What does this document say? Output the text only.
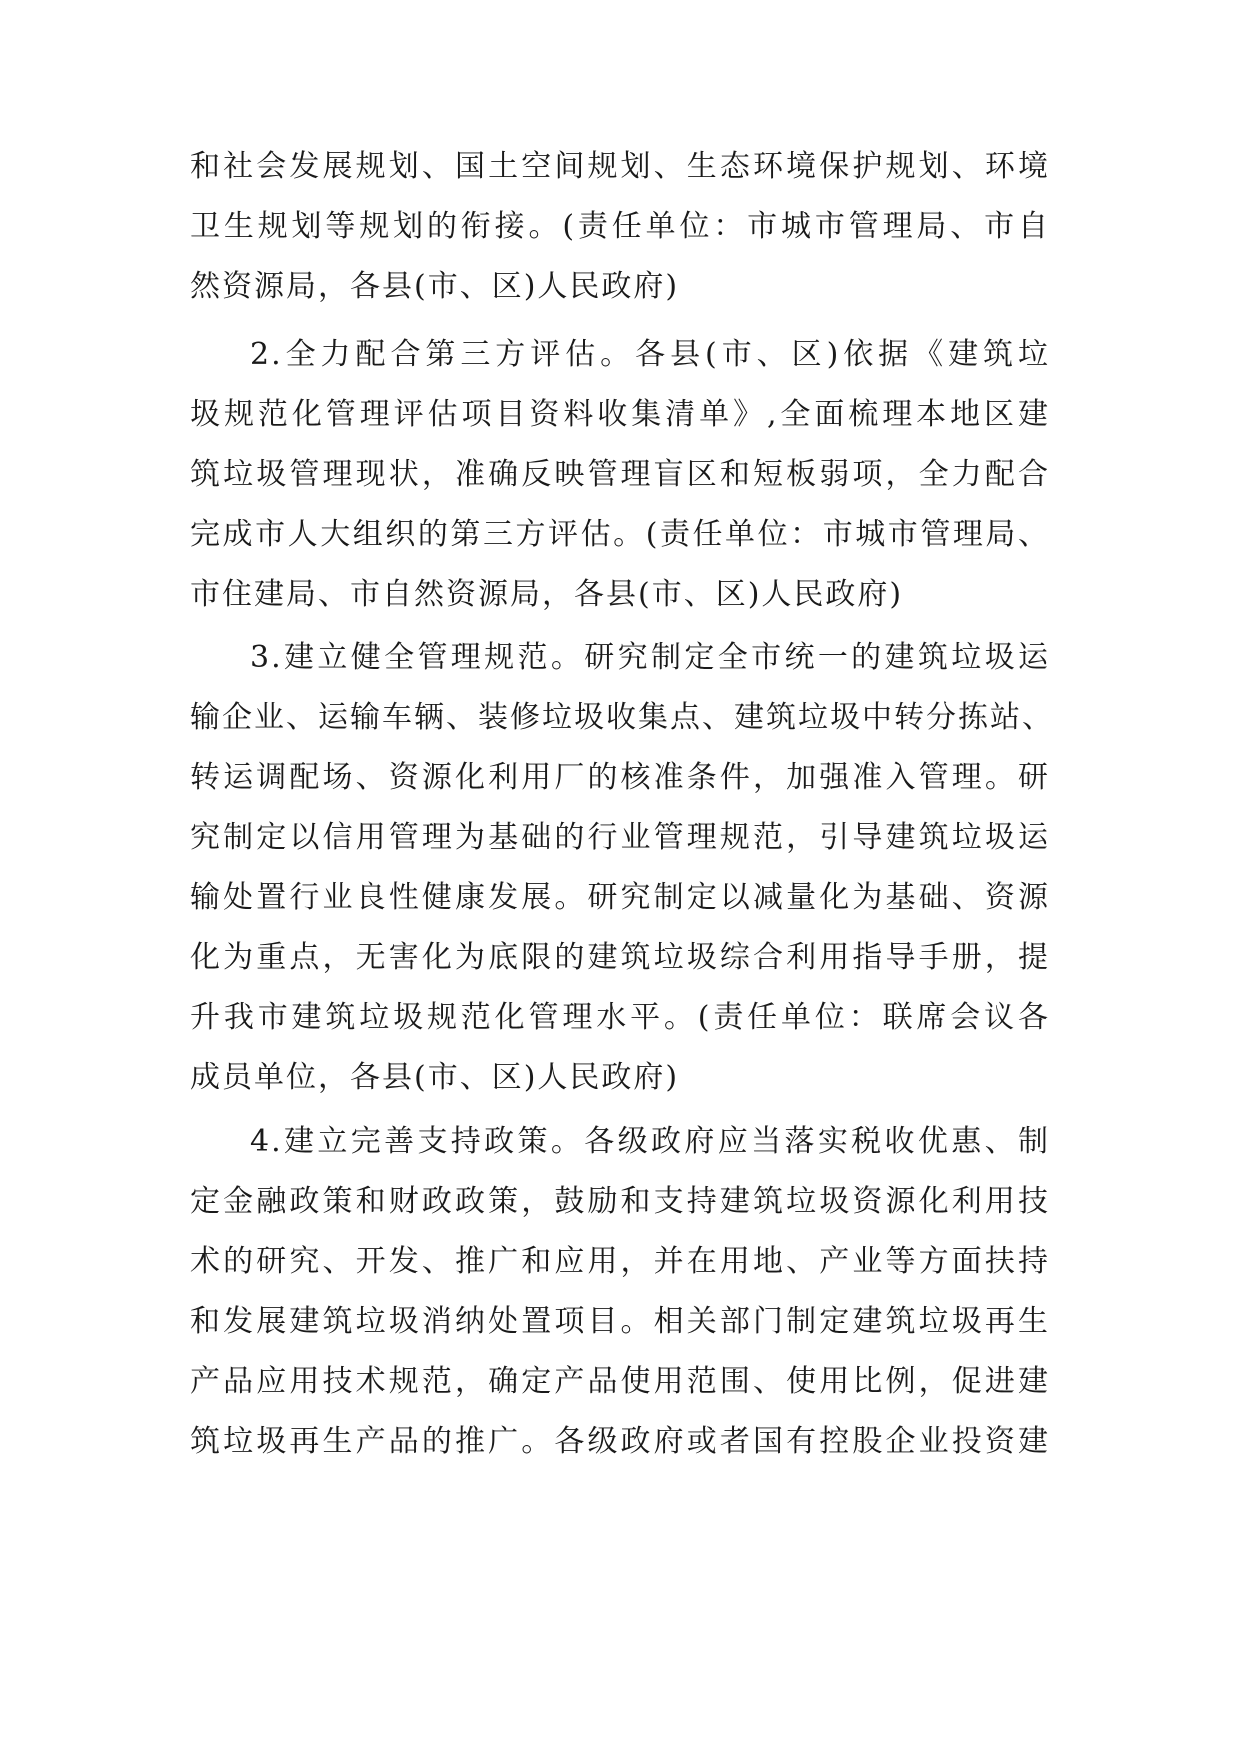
和社会发展规划、国土空间规划、生态环境保护规划、环境
卫生规划等规划的衔接。(责任单位：市城市管理局、市自
然资源局，各县(市、区)人民政府)
2.全力配合第三方评估。各县(市、区)依据《建筑垃
圾规范化管理评估项目资料收集清单》,全面梳理本地区建
筑垃圾管理现状，准确反映管理盲区和短板弱项，全力配合
完成市人大组织的第三方评估。(责任单位：市城市管理局、
市住建局、市自然资源局，各县(市、区)人民政府)
3.建立健全管理规范。研究制定全市统一的建筑垃圾运
输企业、运输车辆、装修垃圾收集点、建筑垃圾中转分拣站、
转运调配场、资源化利用厂的核准条件，加强准入管理。研
究制定以信用管理为基础的行业管理规范，引导建筑垃圾运
输处置行业良性健康发展。研究制定以减量化为基础、资源
化为重点，无害化为底限的建筑垃圾综合利用指导手册，提
升我市建筑垃圾规范化管理水平。(责任单位：联席会议各
成员单位，各县(市、区)人民政府)
4.建立完善支持政策。各级政府应当落实税收优惠、制
定金融政策和财政政策，鼓励和支持建筑垃圾资源化利用技
术的研究、开发、推广和应用，并在用地、产业等方面扶持
和发展建筑垃圾消纳处置项目。相关部门制定建筑垃圾再生
产品应用技术规范，确定产品使用范围、使用比例，促进建
筑垃圾再生产品的推广。各级政府或者国有控股企业投资建
